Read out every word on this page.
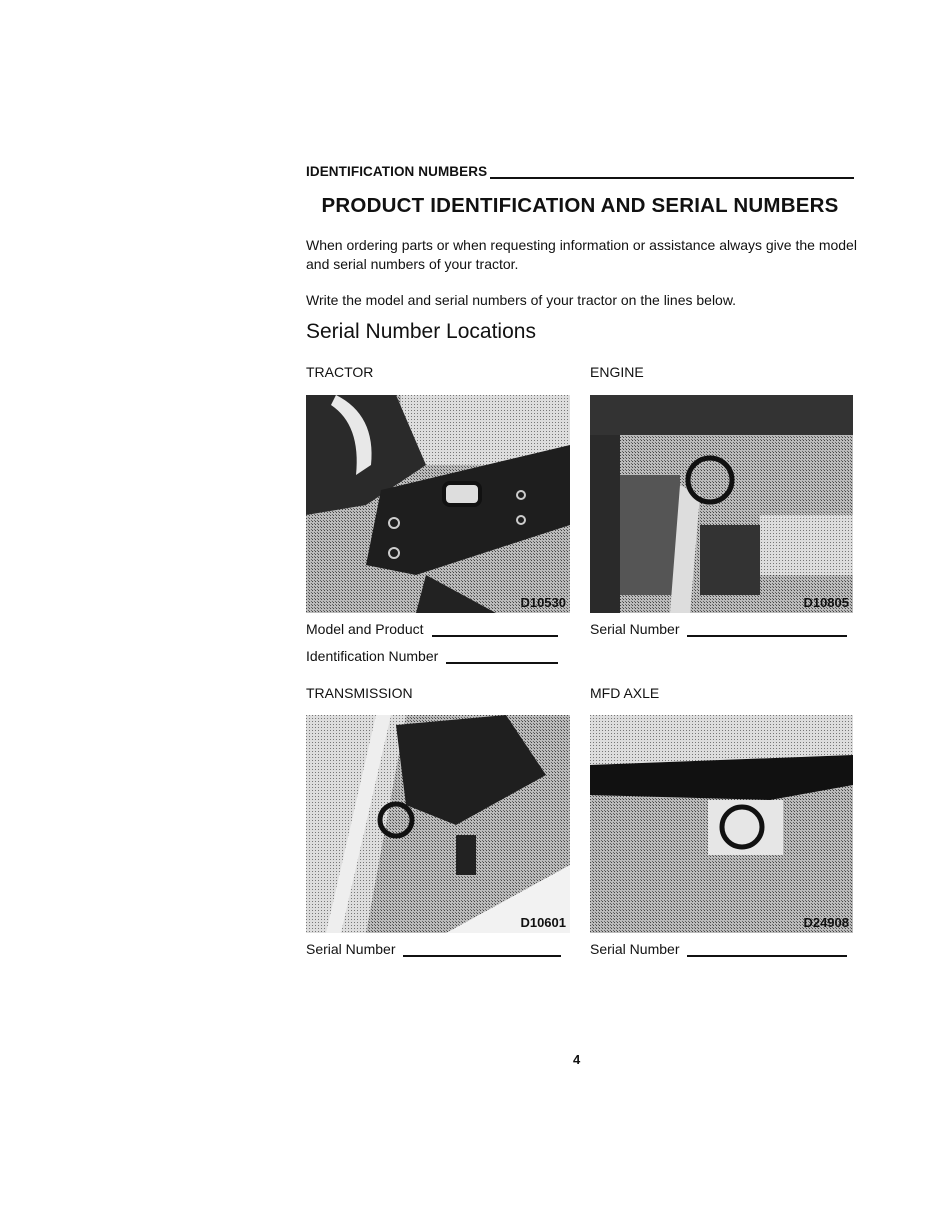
IDENTIFICATION NUMBERS
PRODUCT IDENTIFICATION AND SERIAL NUMBERS
When ordering parts or when requesting information or assistance always give the model and serial numbers of your tractor.
Write the model and serial numbers of your tractor on the lines below.
Serial Number Locations
TRACTOR
D10530
Model and Product
Identification Number
ENGINE
D10805
Serial Number
TRANSMISSION
D10601
Serial Number
MFD AXLE
D24908
Serial Number
4
